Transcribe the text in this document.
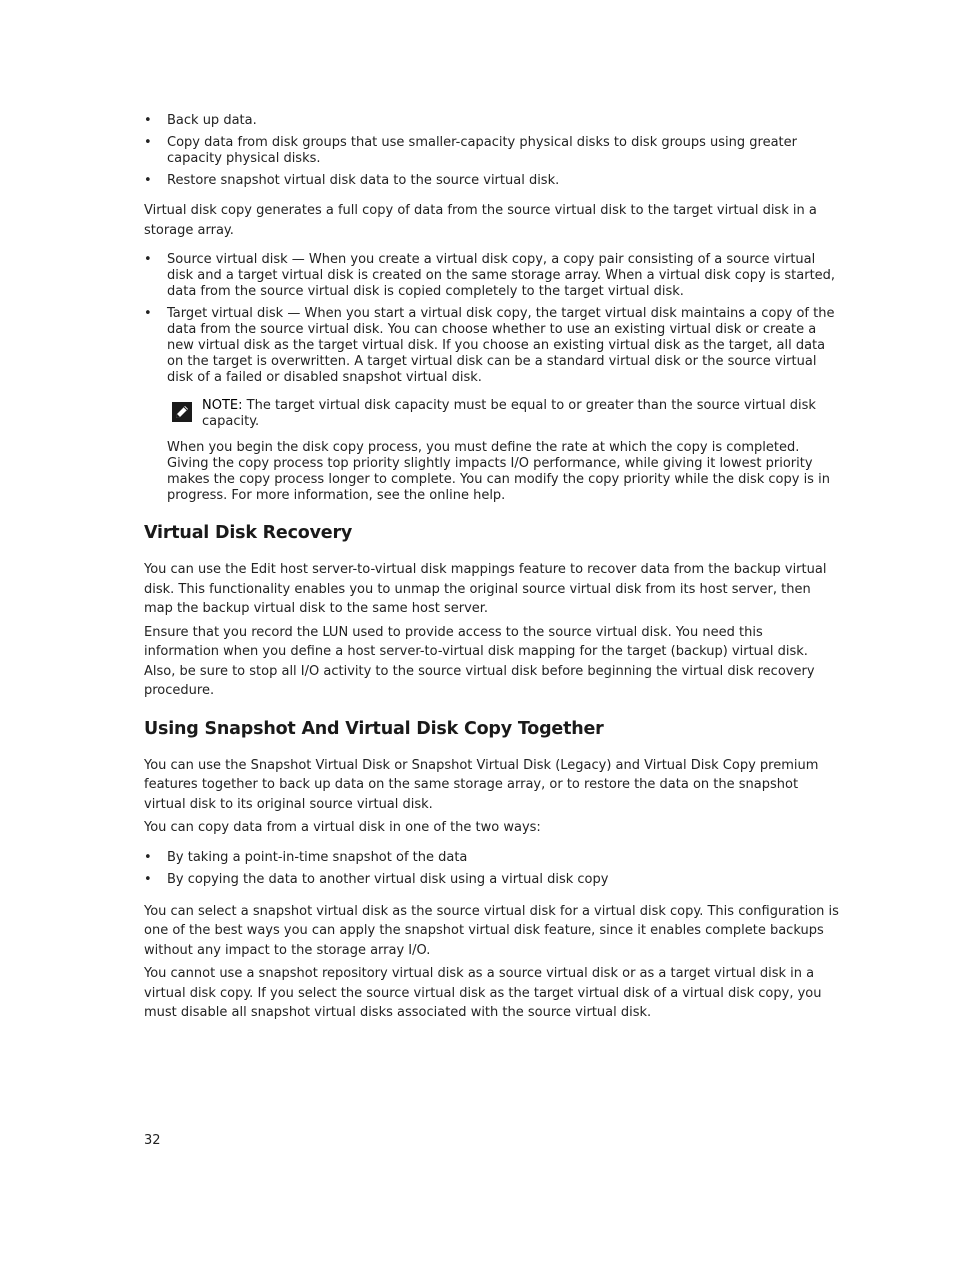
• Back up data.
• Copy data from disk groups that use smaller-capacity physical disks to disk groups using greater capacity physical disks.
• Restore snapshot virtual disk data to the source virtual disk.

Virtual disk copy generates a full copy of data from the source virtual disk to the target virtual disk in a storage array.

• Source virtual disk — When you create a virtual disk copy, a copy pair consisting of a source virtual disk and a target virtual disk is created on the same storage array. When a virtual disk copy is started, data from the source virtual disk is copied completely to the target virtual disk.
• Target virtual disk — When you start a virtual disk copy, the target virtual disk maintains a copy of the data from the source virtual disk. You can choose whether to use an existing virtual disk or create a new virtual disk as the target virtual disk. If you choose an existing virtual disk as the target, all data on the target is overwritten. A target virtual disk can be a standard virtual disk or the source virtual disk of a failed or disabled snapshot virtual disk.
NOTE: The target virtual disk capacity must be equal to or greater than the source virtual disk capacity.

When you begin the disk copy process, you must define the rate at which the copy is completed. Giving the copy process top priority slightly impacts I/O performance, while giving it lowest priority makes the copy process longer to complete. You can modify the copy priority while the disk copy is in progress. For more information, see the online help.

Virtual Disk Recovery

You can use the Edit host server-to-virtual disk mappings feature to recover data from the backup virtual disk. This functionality enables you to unmap the original source virtual disk from its host server, then map the backup virtual disk to the same host server.

Ensure that you record the LUN used to provide access to the source virtual disk. You need this information when you define a host server-to-virtual disk mapping for the target (backup) virtual disk. Also, be sure to stop all I/O activity to the source virtual disk before beginning the virtual disk recovery procedure.

Using Snapshot And Virtual Disk Copy Together

You can use the Snapshot Virtual Disk or Snapshot Virtual Disk (Legacy) and Virtual Disk Copy premium features together to back up data on the same storage array, or to restore the data on the snapshot virtual disk to its original source virtual disk.

You can copy data from a virtual disk in one of the two ways:

• By taking a point-in-time snapshot of the data
• By copying the data to another virtual disk using a virtual disk copy

You can select a snapshot virtual disk as the source virtual disk for a virtual disk copy. This configuration is one of the best ways you can apply the snapshot virtual disk feature, since it enables complete backups without any impact to the storage array I/O.

You cannot use a snapshot repository virtual disk as a source virtual disk or as a target virtual disk in a virtual disk copy. If you select the source virtual disk as the target virtual disk of a virtual disk copy, you must disable all snapshot virtual disks associated with the source virtual disk.

32
